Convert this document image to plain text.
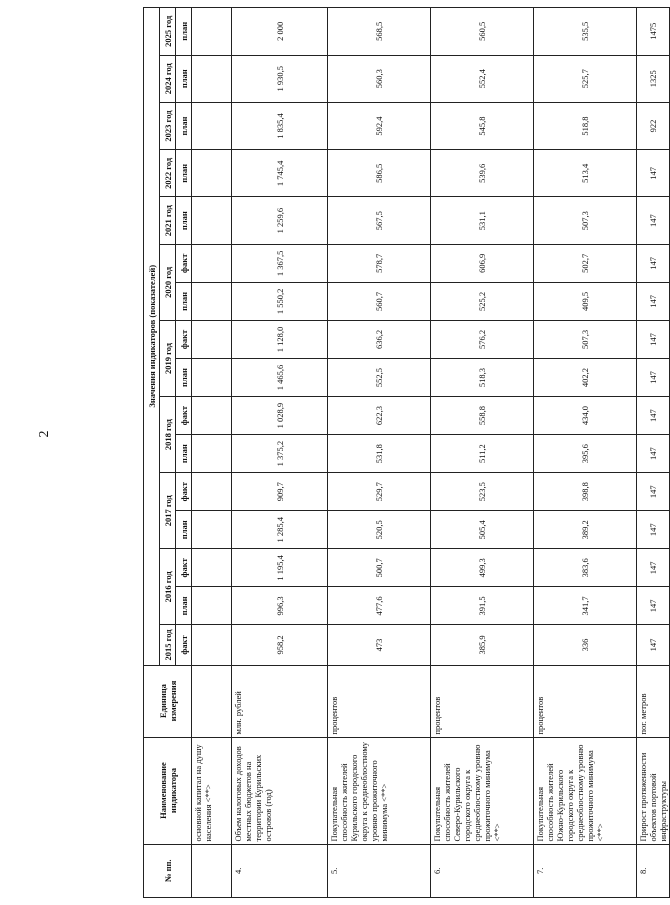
2
№ пп.	Наименование индикатора	Единица измерения	Значения индикаторов (показателей)															
			2015 год	2016 год		2017 год		2018 год		2019 год		2020 год		2021 год	2022 год	2023 год	2024 год	2025 год
			факт	план	факт	план	факт	план	факт	план	факт	план	факт	план	план	план	план	план
	основной капитал на душу населения <**>																	
4.	Объем налоговых доходов местных бюджетов на территории Курильских островов (год)	млн. рублей	958,2	996,3	1 195,4	1 285,4	909,7	1 375,2	1 028,9	1 465,6	1 128,0	1 550,2	1 367,5	1 259,6	1 745,4	1 835,4	1 930,5	2 000
5.	Покупательная способность жителей Курильского городского округа к среднеоблостному уровню прожиточного минимума <**>	процентов	473	477,6	500,7	520,5	529,7	531,8	622,3	552,5	636,2	560,7	578,7	567,5	586,5	592,4	560,3	568,5
6.	Покупательная способность жителей Северо-Курильского городского округа к среднеоблостному уровню прожиточного минимума <**>	процентов	385,9	391,5	499,3	505,4	523,5	511,2	558,8	518,3	576,2	525,2	606,9	531,1	539,6	545,8	552,4	560,5
7.	Покупательная способность жителей Южно-Курильского городского округа к среднеоблостному уровню прожиточного минимума <**>	процентов	336	341,7	383,6	389,2	398,8	395,6	434,0	402,2	507,3	409,5	502,7	507,3	513,4	518,8	525,7	535,5
8.	Прирост протяженности объектов портовой инфраструктуры	пог. метров	147	147	147	147	147	147	147	147	147	147	147	147	147	922	1325	1475
